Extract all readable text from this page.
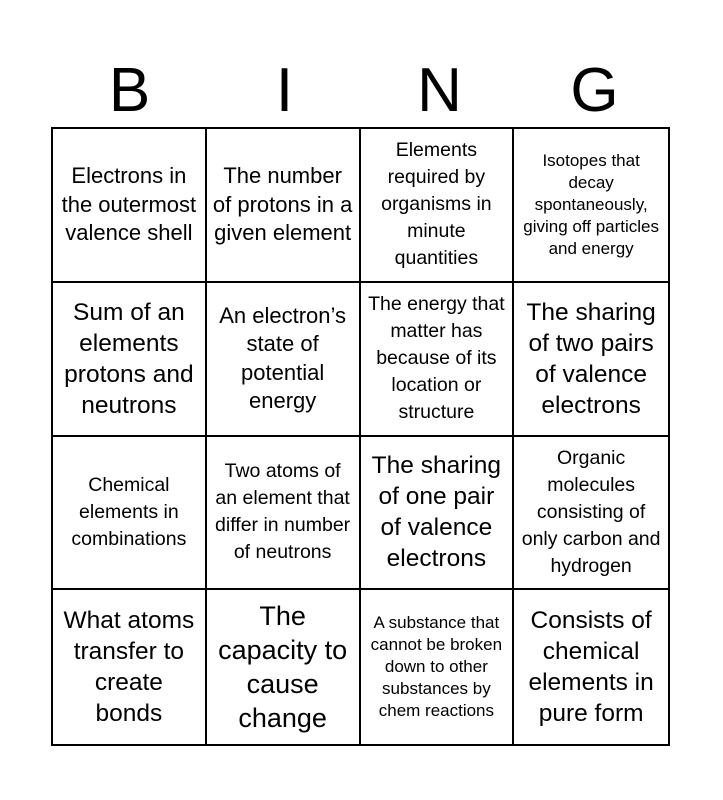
B	I	N	G
Electrons in the outermost valence shell
The number of protons in a given element
Elements required by organisms in minute quantities
Isotopes that decay spontaneously, giving off particles and energy
Sum of an elements protons and neutrons
An electron’s state of potential energy
The energy that matter has because of its location or structure
The sharing of two pairs of valence electrons
Chemical elements in combinations
Two atoms of an element that differ in number of neutrons
The sharing of one pair of valence electrons
Organic molecules consisting of only carbon and hydrogen
What atoms transfer to create bonds
The capacity to cause change
A substance that cannot be broken down to other substances by chem reactions
Consists of chemical elements in pure form
